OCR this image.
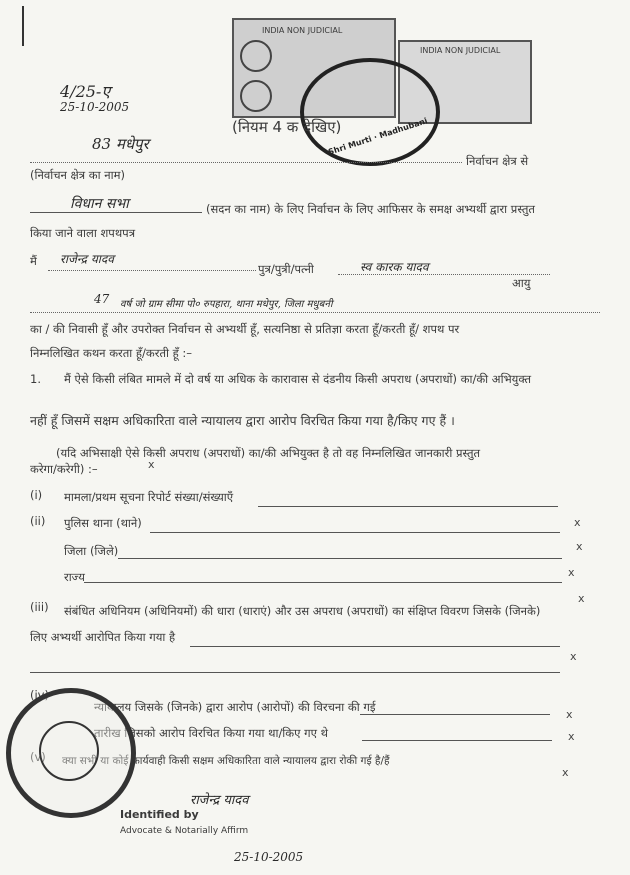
INDIA NON JUDICIAL
INDIA NON JUDICIAL
Shri Murti · Madhubani
4/25-ए
25-10-2005
(नियम 4 क देखिए)
83 मधेपुर
निर्वाचन क्षेत्र से
(निर्वाचन क्षेत्र का नाम)
विधान सभा	(सदन का नाम) के लिए निर्वाचन के लिए आफिसर के समक्ष अभ्यर्थी द्वारा प्रस्तुत
किया जाने वाला शपथपत्र
मैं राजेन्द्र यादव
पुत्र/पुत्री/पत्नी	स्व कारक यादव
आयु
47 वर्ष जो ग्राम सीमा पो० रुपहारा, थाना मधेपुर, जिला मधुबनी
का / की निवासी हूँ और उपरोक्त निर्वाचन से अभ्यर्थी हूँ, सत्यनिष्ठा से प्रतिज्ञा करता हूँ/करती हूँ/ शपथ पर
निम्नलिखित कथन करता हूँ/करती हूँ :–
1. मैं ऐसे किसी लंबित मामले में दो वर्ष या अधिक के कारावास से दंडनीय किसी अपराध (अपराधों) का/की अभियुक्त
नहीं हूँ जिसमें सक्षम अधिकारिता वाले न्यायालय द्वारा आरोप विरचित किया गया है/किए गए हैं ।
(यदि अभिसाक्षी ऐसे किसी अपराध (अपराधों) का/की अभियुक्त है तो वह निम्नलिखित जानकारी प्रस्तुत
करेगा/करेगी) :–	x
(i) मामला/प्रथम सूचना रिपोर्ट संख्या/संख्याएँ
(ii) पुलिस थाना (थाने)	x
जिला (जिले)	x
राज्य	x
(iii) संबंधित अधिनियम (अधिनियमों) की धारा (धाराएं) और उस अपराध (अपराधों) का संक्षिप्त विवरण जिसके (जिनके)
x
लिए अभ्यर्थी आरोपित किया गया है
x
(iv)
न्यायालय जिसके (जिनके) द्वारा आरोप (आरोपों) की विरचना की गई
x
तारीख जिसको आरोप विरचित किया गया था/किए गए थे	x
(v) क्या सभी या कोई कार्यवाही किसी सक्षम अधिकारिता वाले न्यायालय द्वारा रोकी गई है/हैं
x
राजेन्द्र यादव
Identified by
Advocate & Notarially Affirm
25-10-2005
